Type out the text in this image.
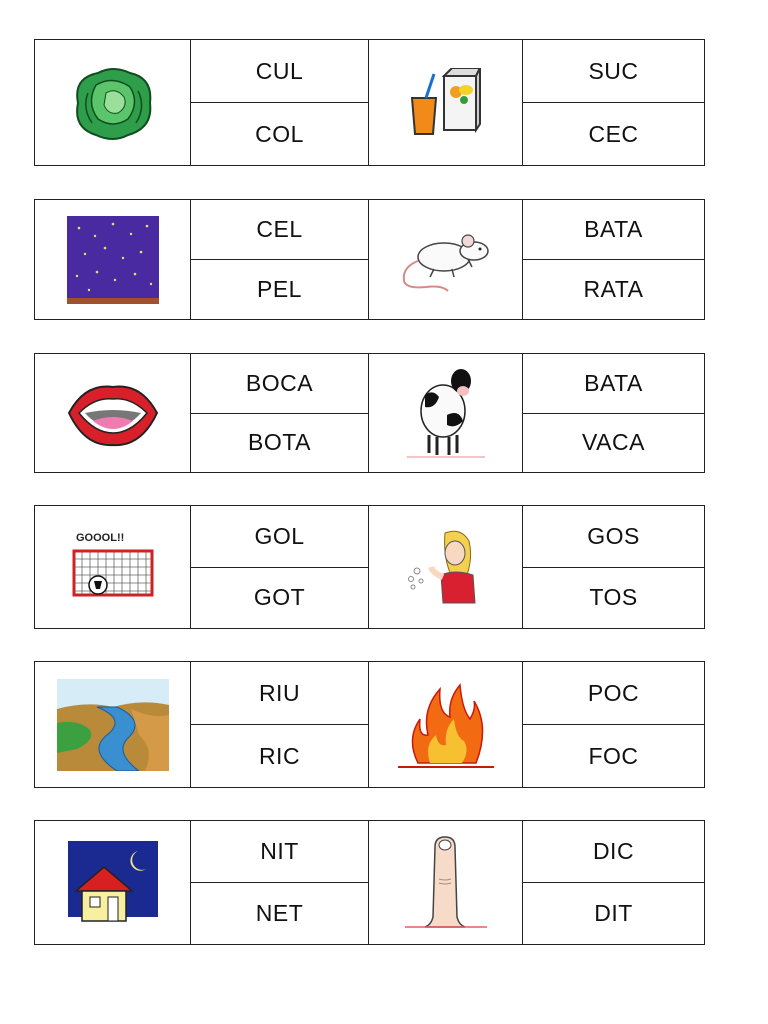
CUL
COL
SUC
CEC
CEL
PEL
BATA
RATA
BOCA
BOTA
BATA
VACA
GOOOL!!	GOL
GOT
GOS
TOS
RIU
RIC
POC
FOC
NIT
NET
DIC
DIT
